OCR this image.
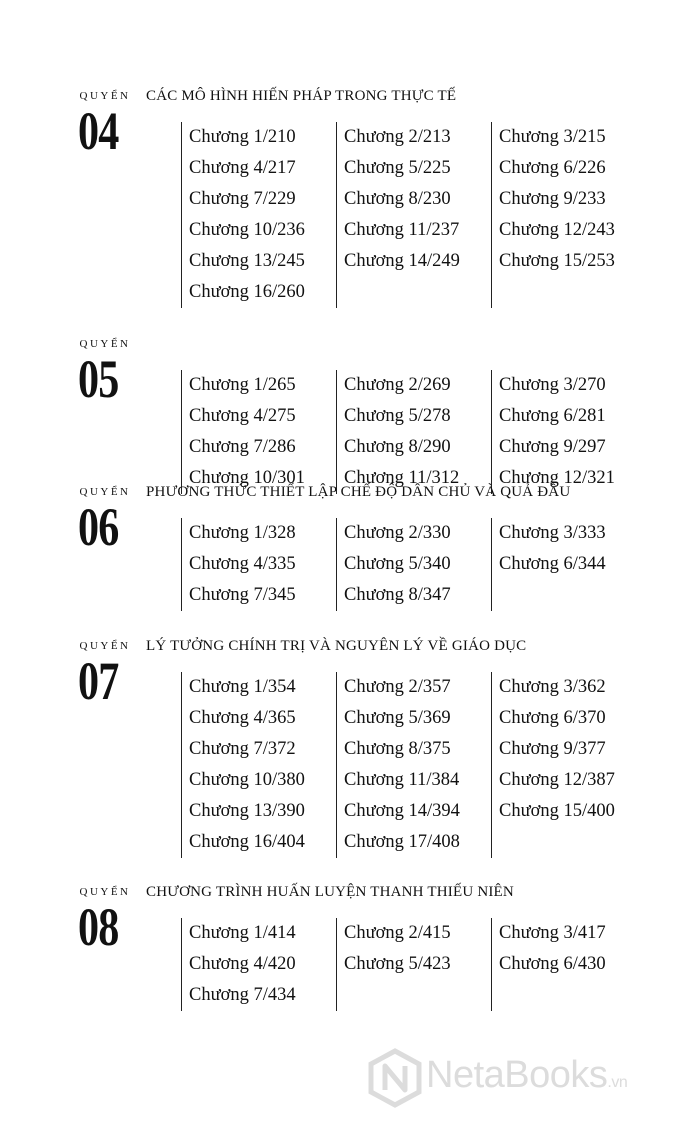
QUYỂN
04
CÁC MÔ HÌNH HIẾN PHÁP TRONG THỰC TẾ
Chương 1/210
Chương 4/217
Chương 7/229
Chương 10/236
Chương 13/245
Chương 16/260
Chương 2/213
Chương 5/225
Chương 8/230
Chương 11/237
Chương 14/249
Chương 3/215
Chương 6/226
Chương 9/233
Chương 12/243
Chương 15/253
QUYỂN
05	Chương 1/265
Chương 4/275
Chương 7/286
Chương 10/301
Chương 2/269
Chương 5/278
Chương 8/290
Chương 11/312
Chương 3/270
Chương 6/281
Chương 9/297
Chương 12/321
QUYỂN
06
PHƯƠNG THỨC THIẾT LẬP CHẾ ĐỘ DÂN CHỦ VÀ QUẢ ĐẦU
Chương 1/328
Chương 4/335
Chương 7/345
Chương 2/330
Chương 5/340
Chương 8/347
Chương 3/333
Chương 6/344
QUYỂN
07
LÝ TƯỞNG CHÍNH TRỊ VÀ NGUYÊN LÝ VỀ GIÁO DỤC
Chương 1/354
Chương 4/365
Chương 7/372
Chương 10/380
Chương 13/390
Chương 16/404
Chương 2/357
Chương 5/369
Chương 8/375
Chương 11/384
Chương 14/394
Chương 17/408
Chương 3/362
Chương 6/370
Chương 9/377
Chương 12/387
Chương 15/400
QUYỂN
08
CHƯƠNG TRÌNH HUẤN LUYỆN THANH THIẾU NIÊN
Chương 1/414
Chương 4/420
Chương 7/434
Chương 2/415
Chương 5/423
Chương 3/417
Chương 6/430
NetaBooks.vn
